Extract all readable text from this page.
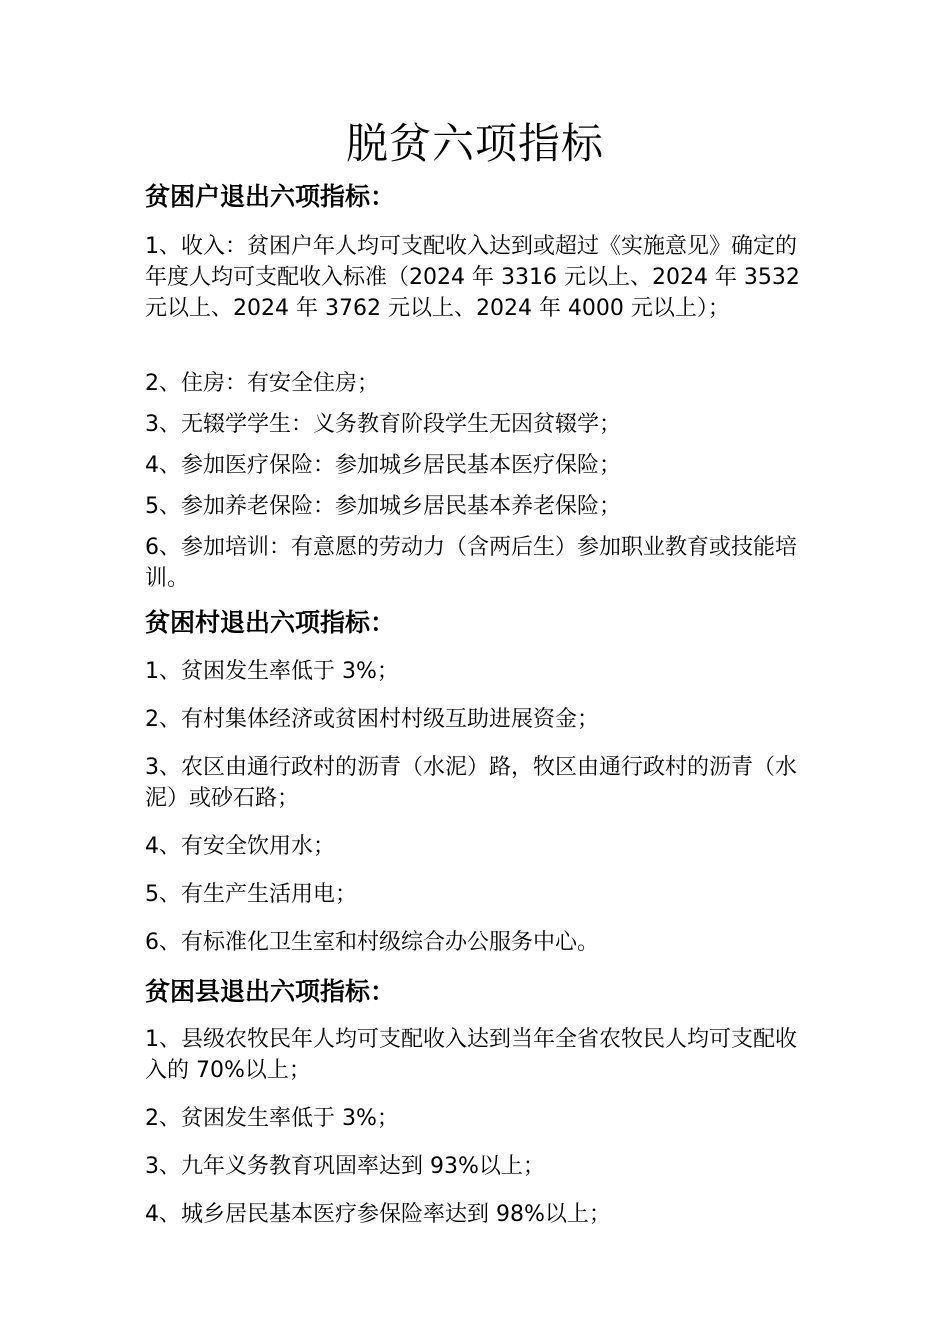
脱贫六项指标
贫困户退出六项指标：
1、收入：贫困户年人均可支配收入达到或超过《实施意见》确定的年度人均可支配收入标准（2024 年 3316 元以上、2024 年 3532 元以上、2024 年 3762 元以上、2024 年 4000 元以上）；
2、住房：有安全住房；
3、无辍学学生：义务教育阶段学生无因贫辍学；
4、参加医疗保险：参加城乡居民基本医疗保险；
5、参加养老保险：参加城乡居民基本养老保险；
6、参加培训：有意愿的劳动力（含两后生）参加职业教育或技能培训。
贫困村退出六项指标：
1、贫困发生率低于 3%；
2、有村集体经济或贫困村村级互助进展资金；
3、农区由通行政村的沥青（水泥）路，牧区由通行政村的沥青（水泥）或砂石路；
4、有安全饮用水；
5、有生产生活用电；
6、有标准化卫生室和村级综合办公服务中心。
贫困县退出六项指标：
1、县级农牧民年人均可支配收入达到当年全省农牧民人均可支配收入的 70%以上；
2、贫困发生率低于 3%；
3、九年义务教育巩固率达到 93%以上；
4、城乡居民基本医疗参保险率达到 98%以上；
